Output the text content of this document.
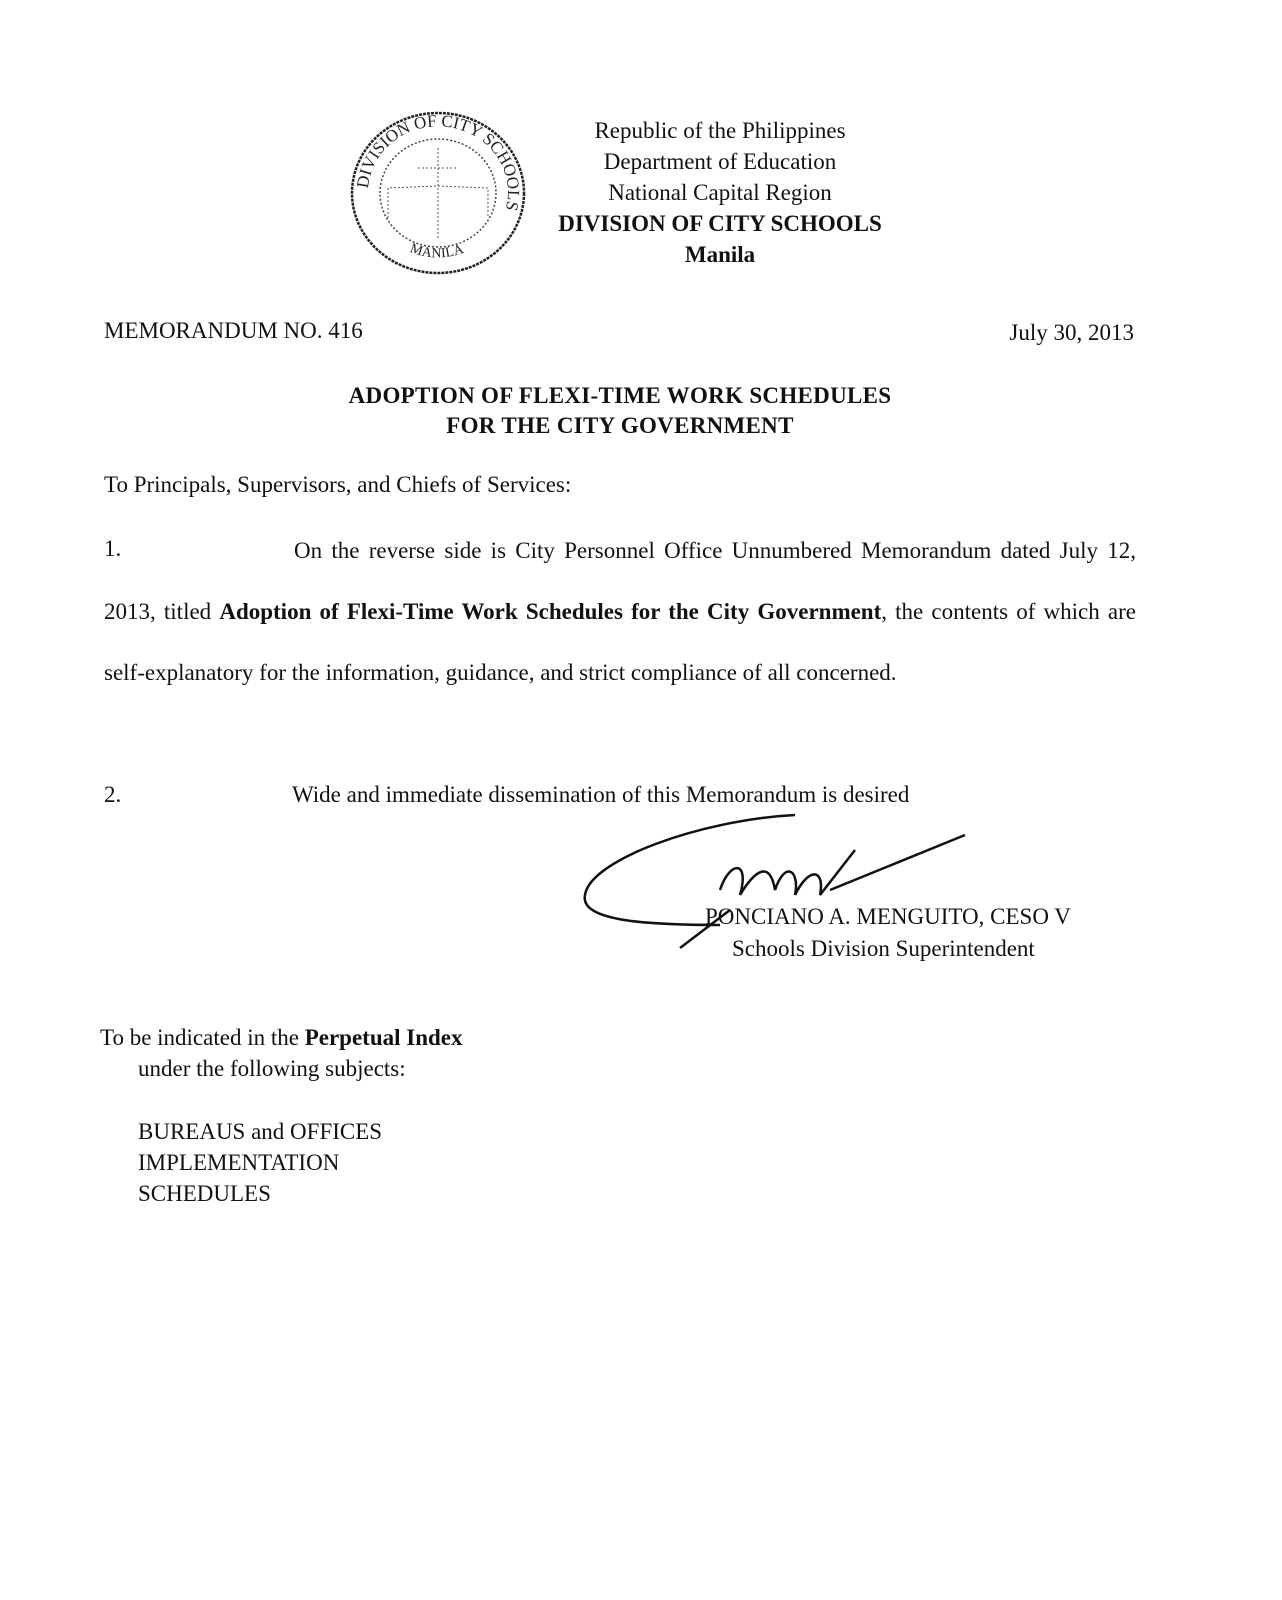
DIVISION OF CITY SCHOOLS
MANILA
Republic of the Philippines
Department of Education
National Capital Region
DIVISION OF CITY SCHOOLS
Manila
MEMORANDUM NO. 416	July 30, 2013
ADOPTION OF FLEXI-TIME WORK SCHEDULES
FOR THE CITY GOVERNMENT
To Principals, Supervisors, and Chiefs of Services:
1.	On the reverse side is City Personnel Office Unnumbered Memorandum dated July 12, 2013, titled Adoption of Flexi-Time Work Schedules for the City Government, the contents of which are self-explanatory for the information, guidance, and strict compliance of all concerned.
2.	Wide and immediate dissemination of this Memorandum is desired
PONCIANO A. MENGUITO, CESO V
Schools Division Superintendent
To be indicated in the Perpetual Index
under the following subjects:
BUREAUS and OFFICES
IMPLEMENTATION
SCHEDULES
